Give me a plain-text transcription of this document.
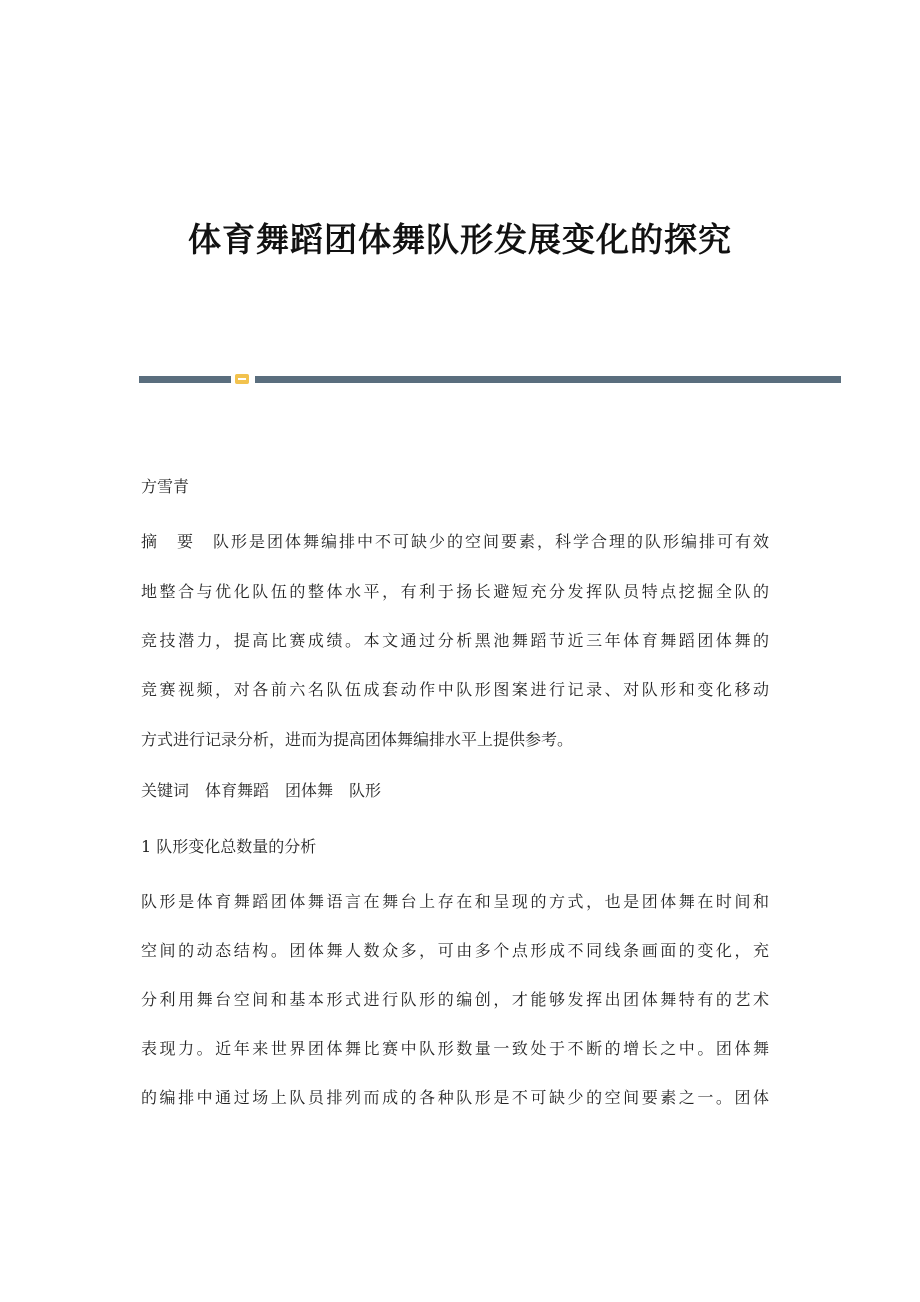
体育舞蹈团体舞队形发展变化的探究
方雪青
摘　要　队形是团体舞编排中不可缺少的空间要素，科学合理的队形编排可有效
地整合与优化队伍的整体水平，有利于扬长避短充分发挥队员特点挖掘全队的
竞技潜力，提高比赛成绩。本文通过分析黑池舞蹈节近三年体育舞蹈团体舞的
竞赛视频，对各前六名队伍成套动作中队形图案进行记录、对队形和变化移动
方式进行记录分析，进而为提高团体舞编排水平上提供参考。
关键词　体育舞蹈　团体舞　队形
1 队形变化总数量的分析
队形是体育舞蹈团体舞语言在舞台上存在和呈现的方式，也是团体舞在时间和
空间的动态结构。团体舞人数众多，可由多个点形成不同线条画面的变化，充
分利用舞台空间和基本形式进行队形的编创，才能够发挥出团体舞特有的艺术
表现力。近年来世界团体舞比赛中队形数量一致处于不断的增长之中。团体舞
的编排中通过场上队员排列而成的各种队形是不可缺少的空间要素之一。团体
